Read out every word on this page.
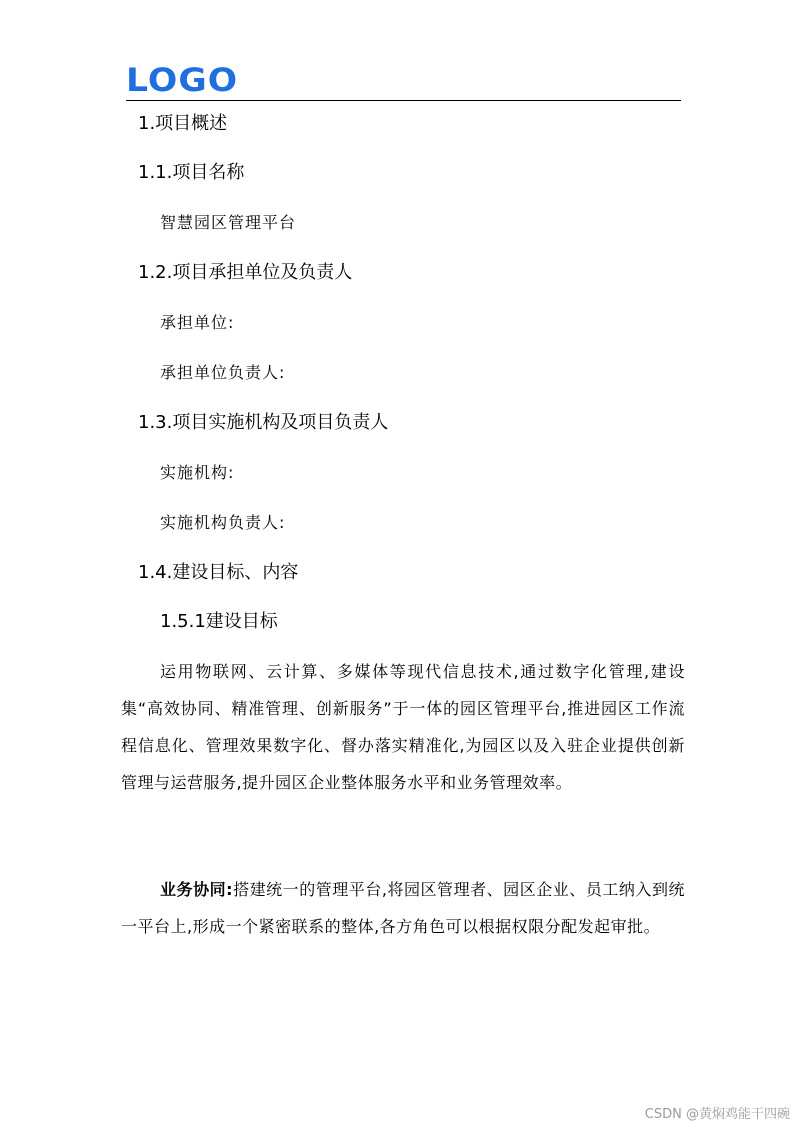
LOGO
1.项目概述
1.1.项目名称
智慧园区管理平台
1.2.项目承担单位及负责人
承担单位:
承担单位负责人:
1.3.项目实施机构及项目负责人
实施机构:
实施机构负责人:
1.4.建设目标、内容
1.5.1建设目标
运用物联网、云计算、多媒体等现代信息技术,通过数字化管理,建设集“高效协同、精准管理、创新服务”于一体的园区管理平台,推进园区工作流程信息化、管理效果数字化、督办落实精准化,为园区以及入驻企业提供创新管理与运营服务,提升园区企业整体服务水平和业务管理效率。
业务协同:搭建统一的管理平台,将园区管理者、园区企业、员工纳入到统一平台上,形成一个紧密联系的整体,各方角色可以根据权限分配发起审批。
CSDN @黄焖鸡能干四碗
